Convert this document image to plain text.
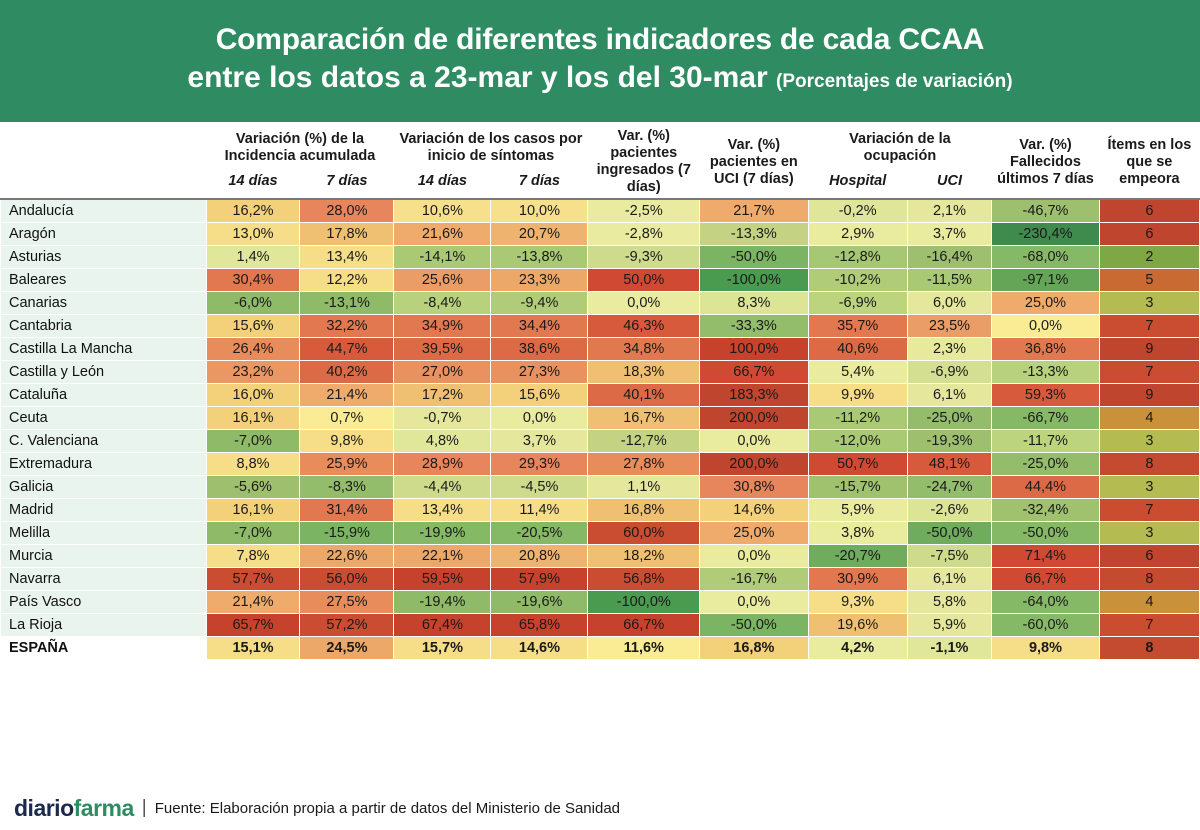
Comparación de diferentes indicadores de cada CCAA
entre los datos a 23-mar y los del 30-mar (Porcentajes de variación)
	Variación (%) de la Incidencia acumulada		Variación de los casos por inicio de síntomas		Var. (%) pacientes ingresados (7 días)	Var. (%) pacientes en UCI (7 días)	Variación de la ocupación		Var. (%) Fallecidos últimos 7 días	Ítems en los que se empeora
	14 días	7 días	14 días	7 días			Hospital	UCI		
Andalucía	16,2%	28,0%	10,6%	10,0%	-2,5%	21,7%	-0,2%	2,1%	-46,7%	6
Aragón	13,0%	17,8%	21,6%	20,7%	-2,8%	-13,3%	2,9%	3,7%	-230,4%	6
Asturias	1,4%	13,4%	-14,1%	-13,8%	-9,3%	-50,0%	-12,8%	-16,4%	-68,0%	2
Baleares	30,4%	12,2%	25,6%	23,3%	50,0%	-100,0%	-10,2%	-11,5%	-97,1%	5
Canarias	-6,0%	-13,1%	-8,4%	-9,4%	0,0%	8,3%	-6,9%	6,0%	25,0%	3
Cantabria	15,6%	32,2%	34,9%	34,4%	46,3%	-33,3%	35,7%	23,5%	0,0%	7
Castilla La Mancha	26,4%	44,7%	39,5%	38,6%	34,8%	100,0%	40,6%	2,3%	36,8%	9
Castilla y León	23,2%	40,2%	27,0%	27,3%	18,3%	66,7%	5,4%	-6,9%	-13,3%	7
Cataluña	16,0%	21,4%	17,2%	15,6%	40,1%	183,3%	9,9%	6,1%	59,3%	9
Ceuta	16,1%	0,7%	-0,7%	0,0%	16,7%	200,0%	-11,2%	-25,0%	-66,7%	4
C. Valenciana	-7,0%	9,8%	4,8%	3,7%	-12,7%	0,0%	-12,0%	-19,3%	-11,7%	3
Extremadura	8,8%	25,9%	28,9%	29,3%	27,8%	200,0%	50,7%	48,1%	-25,0%	8
Galicia	-5,6%	-8,3%	-4,4%	-4,5%	1,1%	30,8%	-15,7%	-24,7%	44,4%	3
Madrid	16,1%	31,4%	13,4%	11,4%	16,8%	14,6%	5,9%	-2,6%	-32,4%	7
Melilla	-7,0%	-15,9%	-19,9%	-20,5%	60,0%	25,0%	3,8%	-50,0%	-50,0%	3
Murcia	7,8%	22,6%	22,1%	20,8%	18,2%	0,0%	-20,7%	-7,5%	71,4%	6
Navarra	57,7%	56,0%	59,5%	57,9%	56,8%	-16,7%	30,9%	6,1%	66,7%	8
País Vasco	21,4%	27,5%	-19,4%	-19,6%	-100,0%	0,0%	9,3%	5,8%	-64,0%	4
La Rioja	65,7%	57,2%	67,4%	65,8%	66,7%	-50,0%	19,6%	5,9%	-60,0%	7
ESPAÑA	15,1%	24,5%	15,7%	14,6%	11,6%	16,8%	4,2%	-1,1%	9,8%	8
diariofarma | Fuente: Elaboración propia a partir de datos del Ministerio de Sanidad
